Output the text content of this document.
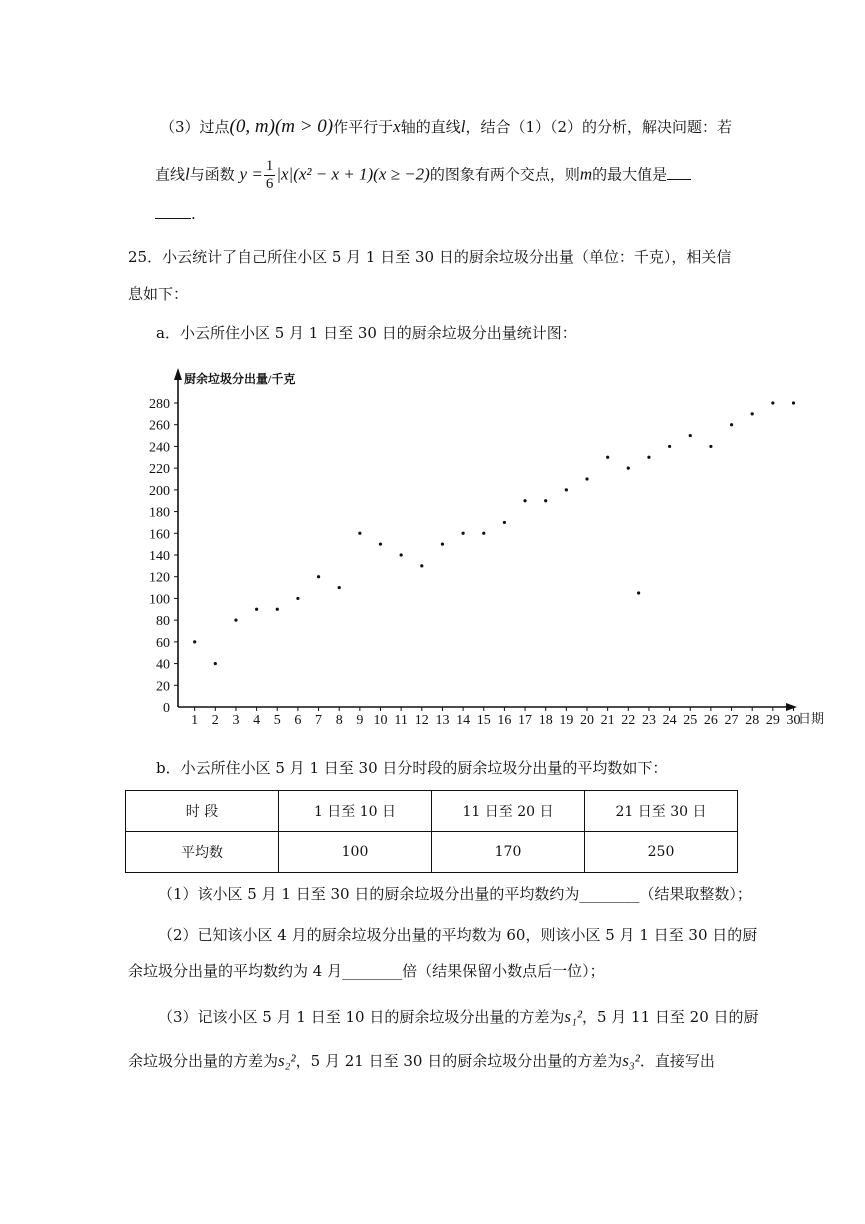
（3）过点(0, m)(m > 0)作平行于x轴的直线l，结合（1）（2）的分析，解决问题：若
直线l与函数 $y = \frac{1}{6} |x|(x^2 - x + 1)(x \ge -2)$的图象有两个交点，则m的最大值是
.
25．小云统计了自己所住小区 5 月 1 日至 30 日的厨余垃圾分出量（单位：千克），相关信
息如下：
a．小云所住小区 5 月 1 日至 30 日的厨余垃圾分出量统计图：
0
20
40
60
80
100
120
140
160
180
200
220
240
260
280
1 2 3 4 5 6 7 8 9 10 11 12 13 14 15 16 17 18 19 20 21 22 23 24 25 26 27 28 29 30
厨余垃圾分出量/千克
日期
b．小云所住小区 5 月 1 日至 30 日分时段的厨余垃圾分出量的平均数如下：
时 段	1 日至 10 日	11 日至 20 日	21 日至 30 日
平均数	100	170	250
（1）该小区 5 月 1 日至 30 日的厨余垃圾分出量的平均数约为________（结果取整数）；
（2）已知该小区 4 月的厨余垃圾分出量的平均数为 60，则该小区 5 月 1 日至 30 日的厨
余垃圾分出量的平均数约为 4 月________倍（结果保留小数点后一位）；
（3）记该小区 5 月 1 日至 10 日的厨余垃圾分出量的方差为s₁²，5 月 11 日至 20 日的厨
余垃圾分出量的方差为s₂²，5 月 21 日至 30 日的厨余垃圾分出量的方差为s₃²．直接写出
